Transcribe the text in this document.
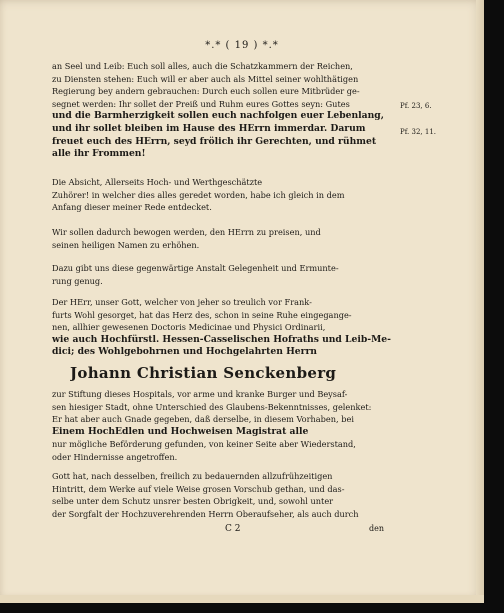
*.* ( 19 ) *.*
an Seel und Leib: Euch soll alles, auch die Schatzkammern der Reichen,
zu Diensten stehen: Euch will er aber auch als Mittel seiner wohlthätigen
Regierung bey andern gebrauchen: Durch euch sollen eure Mitbrüder ge-
segnet werden: Ihr sollet der Preiß und Ruhm eures Gottes seyn: Gutes
und die Barmherzigkeit sollen euch nachfolgen euer Lebenlang,
und ihr sollet bleiben im Hause des HErrn immerdar. Darum
freuet euch des HErrn, seyd frölich ihr Gerechten, und rühmet
alle ihr Frommen!
Pf. 23, 6.
Pf. 32, 11.
Die Absicht, Allerseits Hoch- und Werthgeschätzte
Zuhörer! in welcher dies alles geredet worden, habe ich gleich in dem
Anfang dieser meiner Rede entdecket.
Wir sollen dadurch bewogen werden, den HErrn zu preisen, und
seinen heiligen Namen zu erhöhen.
Dazu gibt uns diese gegenwärtige Anstalt Gelegenheit und Ermunte-
rung genug.
Der HErr, unser Gott, welcher von jeher so treulich vor Frank-
furts Wohl gesorget, hat das Herz des, schon in seine Ruhe eingegange-
nen, allhier gewesenen Doctoris Medicinae und Physici Ordinarii,
wie auch Hochfürstl. Hessen-Casselischen Hofraths und Leib-Me-
dici; des Wohlgebohrnen und Hochgelahrten Herrn
Johann Christian Senckenberg
zur Stiftung dieses Hospitals, vor arme und kranke Burger und Beysaf-
sen hiesiger Stadt, ohne Unterschied des Glaubens-Bekenntnisses, gelenket:
Er hat aber auch Gnade gegeben, daß derselbe, in diesem Vorhaben, bei
Einem HochEdlen und Hochweisen Magistrat alle
nur mögliche Beförderung gefunden, von keiner Seite aber Wiederstand,
oder Hindernisse angetroffen.
Gott hat, nach desselben, freilich zu bedauernden allzufrühzeitigen
Hintritt, dem Werke auf viele Weise grosen Vorschub gethan, und das-
selbe unter dem Schutz unsrer besten Obrigkeit, und, sowohl unter
der Sorgfalt der Hochzuverehrenden Herrn Oberaufseher, als auch durch
C 2	den
